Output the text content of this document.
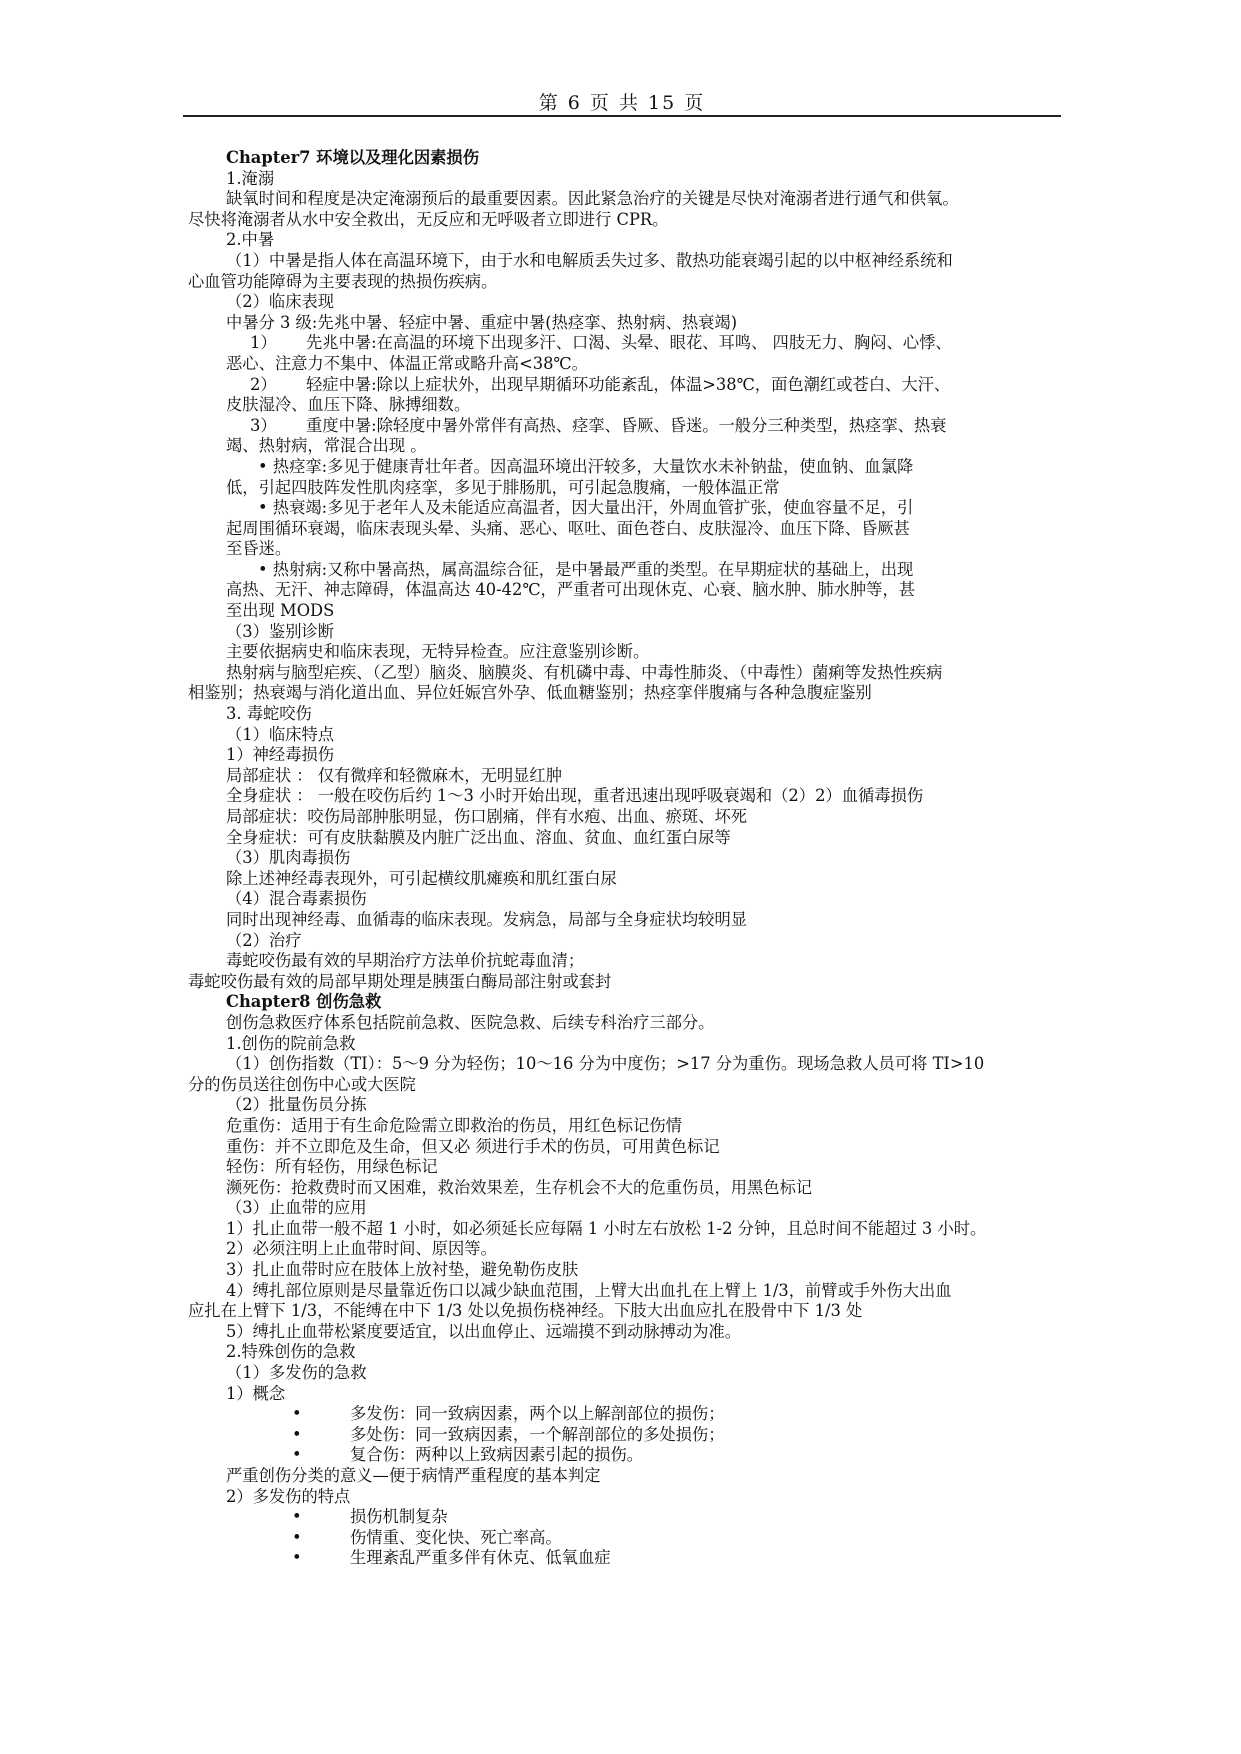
第 6 页 共 15 页
Chapter7 环境以及理化因素损伤
1.淹溺
缺氧时间和程度是决定淹溺预后的最重要因素。因此紧急治疗的关键是尽快对淹溺者进行通气和供氧。
尽快将淹溺者从水中安全救出，无反应和无呼吸者立即进行 CPR。
2.中暑
（1）中暑是指人体在高温环境下，由于水和电解质丢失过多、散热功能衰竭引起的以中枢神经系统和
心血管功能障碍为主要表现的热损伤疾病。
（2）临床表现
中暑分 3 级:先兆中暑、轻症中暑、重症中暑(热痉挛、热射病、热衰竭)
1） 先兆中暑:在高温的环境下出现多汗、口渴、头晕、眼花、耳鸣、 四肢无力、胸闷、心悸、
恶心、注意力不集中、体温正常或略升高<38℃。
2） 轻症中暑:除以上症状外，出现早期循环功能紊乱，体温>38℃，面色潮红或苍白、大汗、
皮肤湿冷、血压下降、脉搏细数。
3） 重度中暑:除轻度中暑外常伴有高热、痉挛、昏厥、昏迷。一般分三种类型，热痉挛、热衰
竭、热射病，常混合出现 。
• 热痉挛:多见于健康青壮年者。因高温环境出汗较多，大量饮水未补钠盐，使血钠、血氯降
低，引起四肢阵发性肌肉痉挛，多见于腓肠肌，可引起急腹痛，一般体温正常
• 热衰竭:多见于老年人及未能适应高温者，因大量出汗，外周血管扩张，使血容量不足，引
起周围循环衰竭，临床表现头晕、头痛、恶心、呕吐、面色苍白、皮肤湿冷、血压下降、昏厥甚
至昏迷。
• 热射病:又称中暑高热，属高温综合征，是中暑最严重的类型。在早期症状的基础上，出现
高热、无汗、神志障碍，体温高达 40-42℃，严重者可出现休克、心衰、脑水肿、肺水肿等，甚
至出现 MODS
（3）鉴别诊断
主要依据病史和临床表现，无特异检查。应注意鉴别诊断。
热射病与脑型疟疾、（乙型）脑炎、脑膜炎、有机磷中毒、中毒性肺炎、（中毒性）菌痢等发热性疾病
相鉴别；热衰竭与消化道出血、异位妊娠宫外孕、低血糖鉴别；热痉挛伴腹痛与各种急腹症鉴别
3. 毒蛇咬伤
（1）临床特点
1）神经毒损伤
局部症状 ： 仅有微痒和轻微麻木，无明显红肿
全身症状 ： 一般在咬伤后约 1～3 小时开始出现，重者迅速出现呼吸衰竭和（2）2）血循毒损伤
局部症状：咬伤局部肿胀明显，伤口剧痛，伴有水疱、出血、瘀斑、坏死
全身症状：可有皮肤黏膜及内脏广泛出血、溶血、贫血、血红蛋白尿等
（3）肌肉毒损伤
除上述神经毒表现外，可引起横纹肌瘫痪和肌红蛋白尿
（4）混合毒素损伤
同时出现神经毒、血循毒的临床表现。发病急，局部与全身症状均较明显
（2）治疗
毒蛇咬伤最有效的早期治疗方法单价抗蛇毒血清；
毒蛇咬伤最有效的局部早期处理是胰蛋白酶局部注射或套封
Chapter8 创伤急救
创伤急救医疗体系包括院前急救、医院急救、后续专科治疗三部分。
1.创伤的院前急救
（1）创伤指数（TI）：5～9 分为轻伤；10～16 分为中度伤；>17 分为重伤。现场急救人员可将 TI>10
分的伤员送往创伤中心或大医院
（2）批量伤员分拣
危重伤：适用于有生命危险需立即救治的伤员，用红色标记伤情
重伤：并不立即危及生命，但又必 须进行手术的伤员，可用黄色标记
轻伤：所有轻伤，用绿色标记
濒死伤：抢救费时而又困难，救治效果差，生存机会不大的危重伤员，用黑色标记
（3）止血带的应用
1）扎止血带一般不超 1 小时，如必须延长应每隔 1 小时左右放松 1-2 分钟，且总时间不能超过 3 小时。
2）必须注明上止血带时间、原因等。
3）扎止血带时应在肢体上放衬垫，避免勒伤皮肤
4）缚扎部位原则是尽量靠近伤口以减少缺血范围，上臂大出血扎在上臂上 1/3，前臂或手外伤大出血
应扎在上臂下 1/3，不能缚在中下 1/3 处以免损伤桡神经。下肢大出血应扎在股骨中下 1/3 处
5）缚扎止血带松紧度要适宜，以出血停止、远端摸不到动脉搏动为准。
2.特殊创伤的急救
（1）多发伤的急救
1）概念
•	多发伤：同一致病因素，两个以上解剖部位的损伤；
•	多处伤：同一致病因素，一个解剖部位的多处损伤；
•	复合伤：两种以上致病因素引起的损伤。
严重创伤分类的意义—便于病情严重程度的基本判定
2）多发伤的特点
•	损伤机制复杂
•	伤情重、变化快、死亡率高。
•	生理紊乱严重多伴有休克、低氧血症
